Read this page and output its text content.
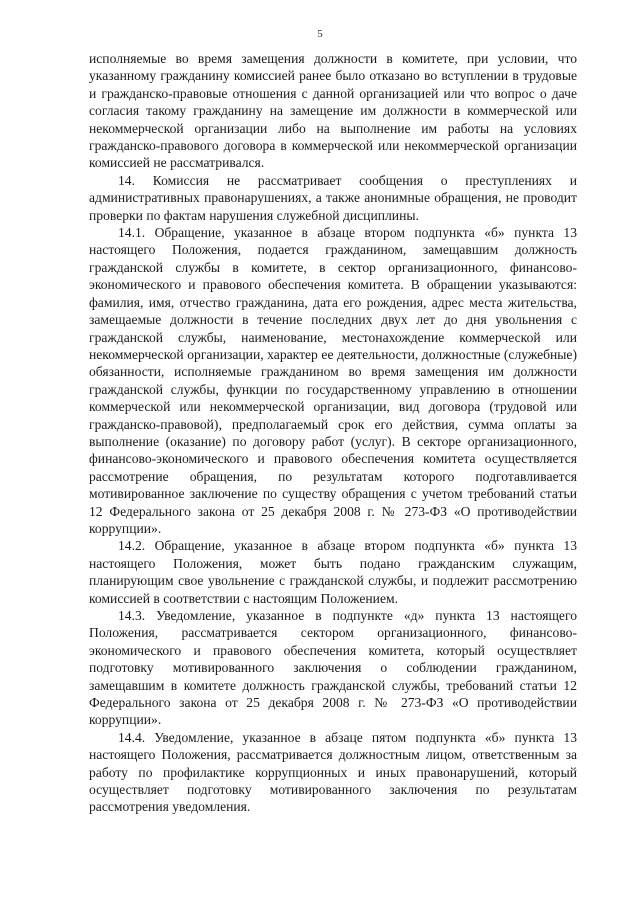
5

исполняемые во время замещения должности в комитете, при условии, что указанному гражданину комиссией ранее было отказано во вступлении в трудовые и гражданско-правовые отношения с данной организацией или что вопрос о даче согласия такому гражданину на замещение им должности в коммерческой или некоммерческой организации либо на выполнение им работы на условиях гражданско-правового договора в коммерческой или некоммерческой организации комиссией не рассматривался.

14. Комиссия не рассматривает сообщения о преступлениях и административных правонарушениях, а также анонимные обращения, не проводит проверки по фактам нарушения служебной дисциплины.

14.1. Обращение, указанное в абзаце втором подпункта «б» пункта 13 настоящего Положения, подается гражданином, замещавшим должность гражданской службы в комитете, в сектор организационного, финансово-экономического и правового обеспечения комитета. В обращении указываются: фамилия, имя, отчество гражданина, дата его рождения, адрес места жительства, замещаемые должности в течение последних двух лет до дня увольнения с гражданской службы, наименование, местонахождение коммерческой или некоммерческой организации, характер ее деятельности, должностные (служебные) обязанности, исполняемые гражданином во время замещения им должности гражданской службы, функции по государственному управлению в отношении коммерческой или некоммерческой организации, вид договора (трудовой или гражданско-правовой), предполагаемый срок его действия, сумма оплаты за выполнение (оказание) по договору работ (услуг). В секторе организационного, финансово-экономического и правового обеспечения комитета осуществляется рассмотрение обращения, по результатам которого подготавливается мотивированное заключение по существу обращения с учетом требований статьи 12 Федерального закона от 25 декабря 2008 г. № 273-ФЗ «О противодействии коррупции».

14.2. Обращение, указанное в абзаце втором подпункта «б» пункта 13 настоящего Положения, может быть подано гражданским служащим, планирующим свое увольнение с гражданской службы, и подлежит рассмотрению комиссией в соответствии с настоящим Положением.

14.3. Уведомление, указанное в подпункте «д» пункта 13 настоящего Положения, рассматривается сектором организационного, финансово-экономического и правового обеспечения комитета, который осуществляет подготовку мотивированного заключения о соблюдении гражданином, замещавшим в комитете должность гражданской службы, требований статьи 12 Федерального закона от 25 декабря 2008 г. № 273-ФЗ «О противодействии коррупции».

14.4. Уведомление, указанное в абзаце пятом подпункта «б» пункта 13 настоящего Положения, рассматривается должностным лицом, ответственным за работу по профилактике коррупционных и иных правонарушений, который осуществляет подготовку мотивированного заключения по результатам рассмотрения уведомления.
